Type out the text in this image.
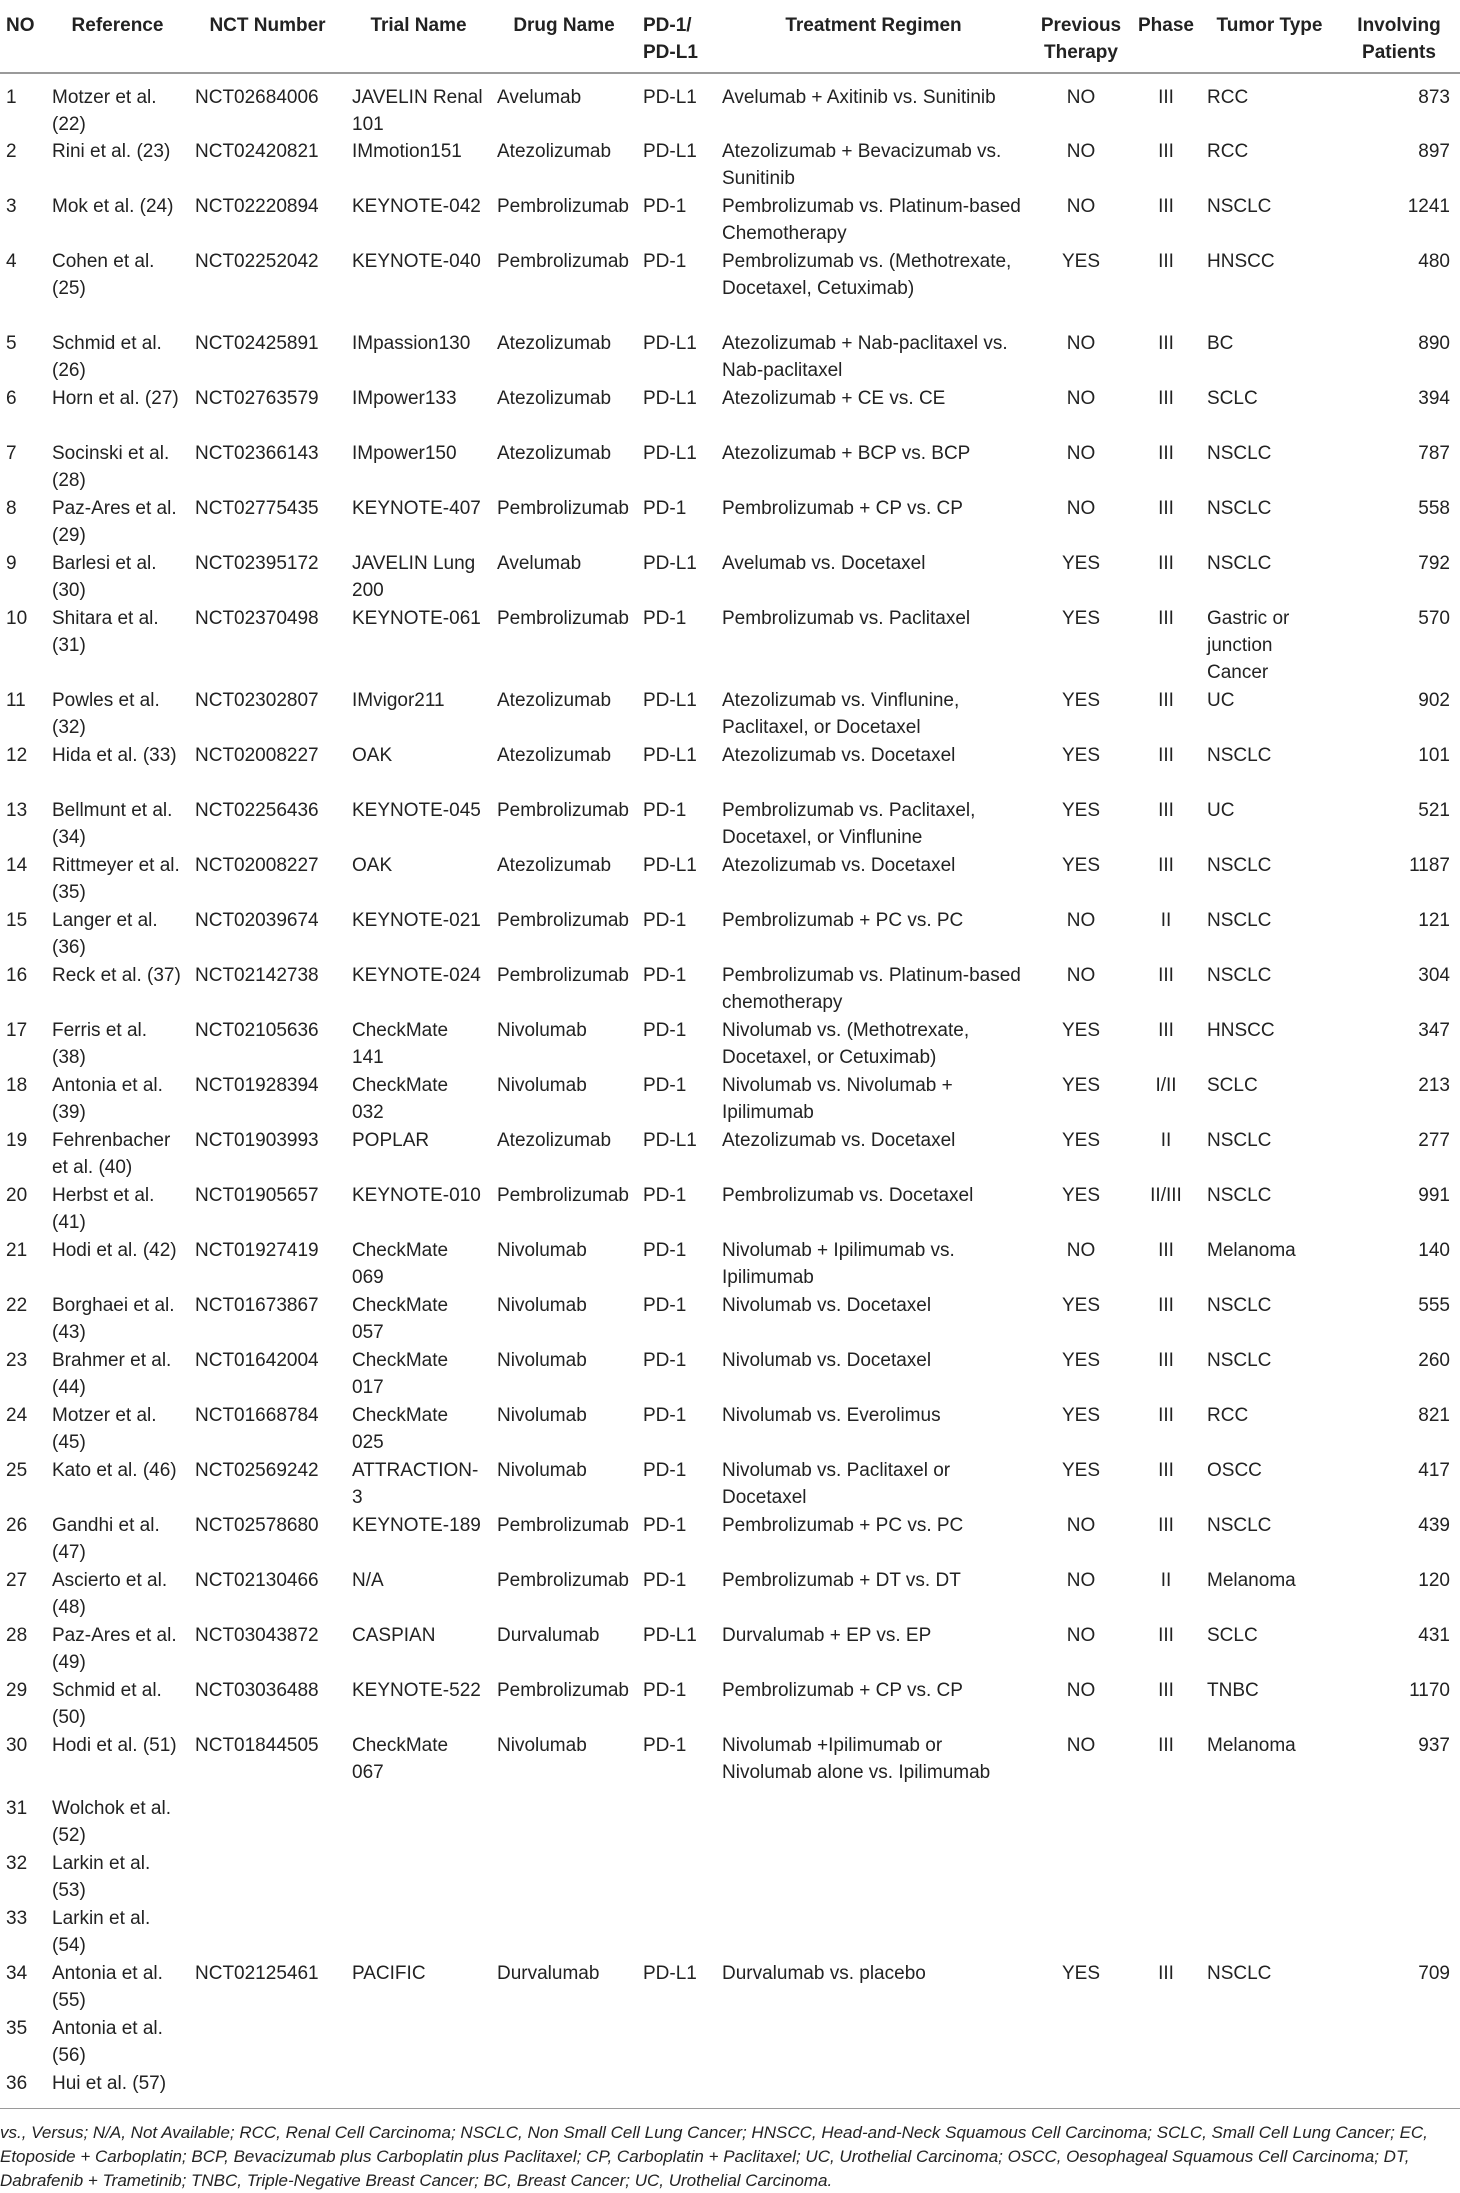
NO	Reference	NCT Number	Trial Name	Drug Name	PD-1/ PD-L1	Treatment Regimen	Previous Therapy	Phase	Tumor Type	Involving Patients
1	Motzer et al. (22)	NCT02684006	JAVELIN Renal 101	Avelumab	PD-L1	Avelumab + Axitinib vs. Sunitinib	NO	III	RCC	873
2	Rini et al. (23)	NCT02420821	IMmotion151	Atezolizumab	PD-L1	Atezolizumab + Bevacizumab vs. Sunitinib	NO	III	RCC	897
3	Mok et al. (24)	NCT02220894	KEYNOTE-042	Pembrolizumab	PD-1	Pembrolizumab vs. Platinum-based Chemotherapy	NO	III	NSCLC	1241
4	Cohen et al. (25)	NCT02252042	KEYNOTE-040	Pembrolizumab	PD-1	Pembrolizumab vs. (Methotrexate, Docetaxel, Cetuximab)	YES	III	HNSCC	480
5	Schmid et al. (26)	NCT02425891	IMpassion130	Atezolizumab	PD-L1	Atezolizumab + Nab-paclitaxel vs. Nab-paclitaxel	NO	III	BC	890
6	Horn et al. (27)	NCT02763579	IMpower133	Atezolizumab	PD-L1	Atezolizumab + CE vs. CE	NO	III	SCLC	394
7	Socinski et al. (28)	NCT02366143	IMpower150	Atezolizumab	PD-L1	Atezolizumab + BCP vs. BCP	NO	III	NSCLC	787
8	Paz-Ares et al. (29)	NCT02775435	KEYNOTE-407	Pembrolizumab	PD-1	Pembrolizumab + CP vs. CP	NO	III	NSCLC	558
9	Barlesi et al. (30)	NCT02395172	JAVELIN Lung 200	Avelumab	PD-L1	Avelumab vs. Docetaxel	YES	III	NSCLC	792
10	Shitara et al. (31)	NCT02370498	KEYNOTE-061	Pembrolizumab	PD-1	Pembrolizumab vs. Paclitaxel	YES	III	Gastric or junction Cancer	570
11	Powles et al. (32)	NCT02302807	IMvigor211	Atezolizumab	PD-L1	Atezolizumab vs. Vinflunine, Paclitaxel, or Docetaxel	YES	III	UC	902
12	Hida et al. (33)	NCT02008227	OAK	Atezolizumab	PD-L1	Atezolizumab vs. Docetaxel	YES	III	NSCLC	101
13	Bellmunt et al. (34)	NCT02256436	KEYNOTE-045	Pembrolizumab	PD-1	Pembrolizumab vs. Paclitaxel, Docetaxel, or Vinflunine	YES	III	UC	521
14	Rittmeyer et al. (35)	NCT02008227	OAK	Atezolizumab	PD-L1	Atezolizumab vs. Docetaxel	YES	III	NSCLC	1187
15	Langer et al. (36)	NCT02039674	KEYNOTE-021	Pembrolizumab	PD-1	Pembrolizumab + PC vs. PC	NO	II	NSCLC	121
16	Reck et al. (37)	NCT02142738	KEYNOTE-024	Pembrolizumab	PD-1	Pembrolizumab vs. Platinum-based chemotherapy	NO	III	NSCLC	304
17	Ferris et al. (38)	NCT02105636	CheckMate 141	Nivolumab	PD-1	Nivolumab vs. (Methotrexate, Docetaxel, or Cetuximab)	YES	III	HNSCC	347
18	Antonia et al. (39)	NCT01928394	CheckMate 032	Nivolumab	PD-1	Nivolumab vs. Nivolumab + Ipilimumab	YES	I/II	SCLC	213
19	Fehrenbacher et al. (40)	NCT01903993	POPLAR	Atezolizumab	PD-L1	Atezolizumab vs. Docetaxel	YES	II	NSCLC	277
20	Herbst et al. (41)	NCT01905657	KEYNOTE-010	Pembrolizumab	PD-1	Pembrolizumab vs. Docetaxel	YES	II/III	NSCLC	991
21	Hodi et al. (42)	NCT01927419	CheckMate 069	Nivolumab	PD-1	Nivolumab + Ipilimumab vs. Ipilimumab	NO	III	Melanoma	140
22	Borghaei et al. (43)	NCT01673867	CheckMate 057	Nivolumab	PD-1	Nivolumab vs. Docetaxel	YES	III	NSCLC	555
23	Brahmer et al. (44)	NCT01642004	CheckMate 017	Nivolumab	PD-1	Nivolumab vs. Docetaxel	YES	III	NSCLC	260
24	Motzer et al. (45)	NCT01668784	CheckMate 025	Nivolumab	PD-1	Nivolumab vs. Everolimus	YES	III	RCC	821
25	Kato et al. (46)	NCT02569242	ATTRACTION-3	Nivolumab	PD-1	Nivolumab vs. Paclitaxel or Docetaxel	YES	III	OSCC	417
26	Gandhi et al. (47)	NCT02578680	KEYNOTE-189	Pembrolizumab	PD-1	Pembrolizumab + PC vs. PC	NO	III	NSCLC	439
27	Ascierto et al. (48)	NCT02130466	N/A	Pembrolizumab	PD-1	Pembrolizumab + DT vs. DT	NO	II	Melanoma	120
28	Paz-Ares et al. (49)	NCT03043872	CASPIAN	Durvalumab	PD-L1	Durvalumab + EP vs. EP	NO	III	SCLC	431
29	Schmid et al. (50)	NCT03036488	KEYNOTE-522	Pembrolizumab	PD-1	Pembrolizumab + CP vs. CP	NO	III	TNBC	1170
30	Hodi et al. (51)	NCT01844505	CheckMate 067	Nivolumab	PD-1	Nivolumab +Ipilimumab or Nivolumab alone vs. Ipilimumab	NO	III	Melanoma	937
31	Wolchok et al. (52)									
32	Larkin et al. (53)									
33	Larkin et al. (54)									
34	Antonia et al. (55)	NCT02125461	PACIFIC	Durvalumab	PD-L1	Durvalumab vs. placebo	YES	III	NSCLC	709
35	Antonia et al. (56)									
36	Hui et al. (57)									
vs., Versus; N/A, Not Available; RCC, Renal Cell Carcinoma; NSCLC, Non Small Cell Lung Cancer; HNSCC, Head-and-Neck Squamous Cell Carcinoma; SCLC, Small Cell Lung Cancer; EC, Etoposide + Carboplatin; BCP, Bevacizumab plus Carboplatin plus Paclitaxel; CP, Carboplatin + Paclitaxel; UC, Urothelial Carcinoma; OSCC, Oesophageal Squamous Cell Carcinoma; DT, Dabrafenib + Trametinib; TNBC, Triple-Negative Breast Cancer; BC, Breast Cancer; UC, Urothelial Carcinoma.
